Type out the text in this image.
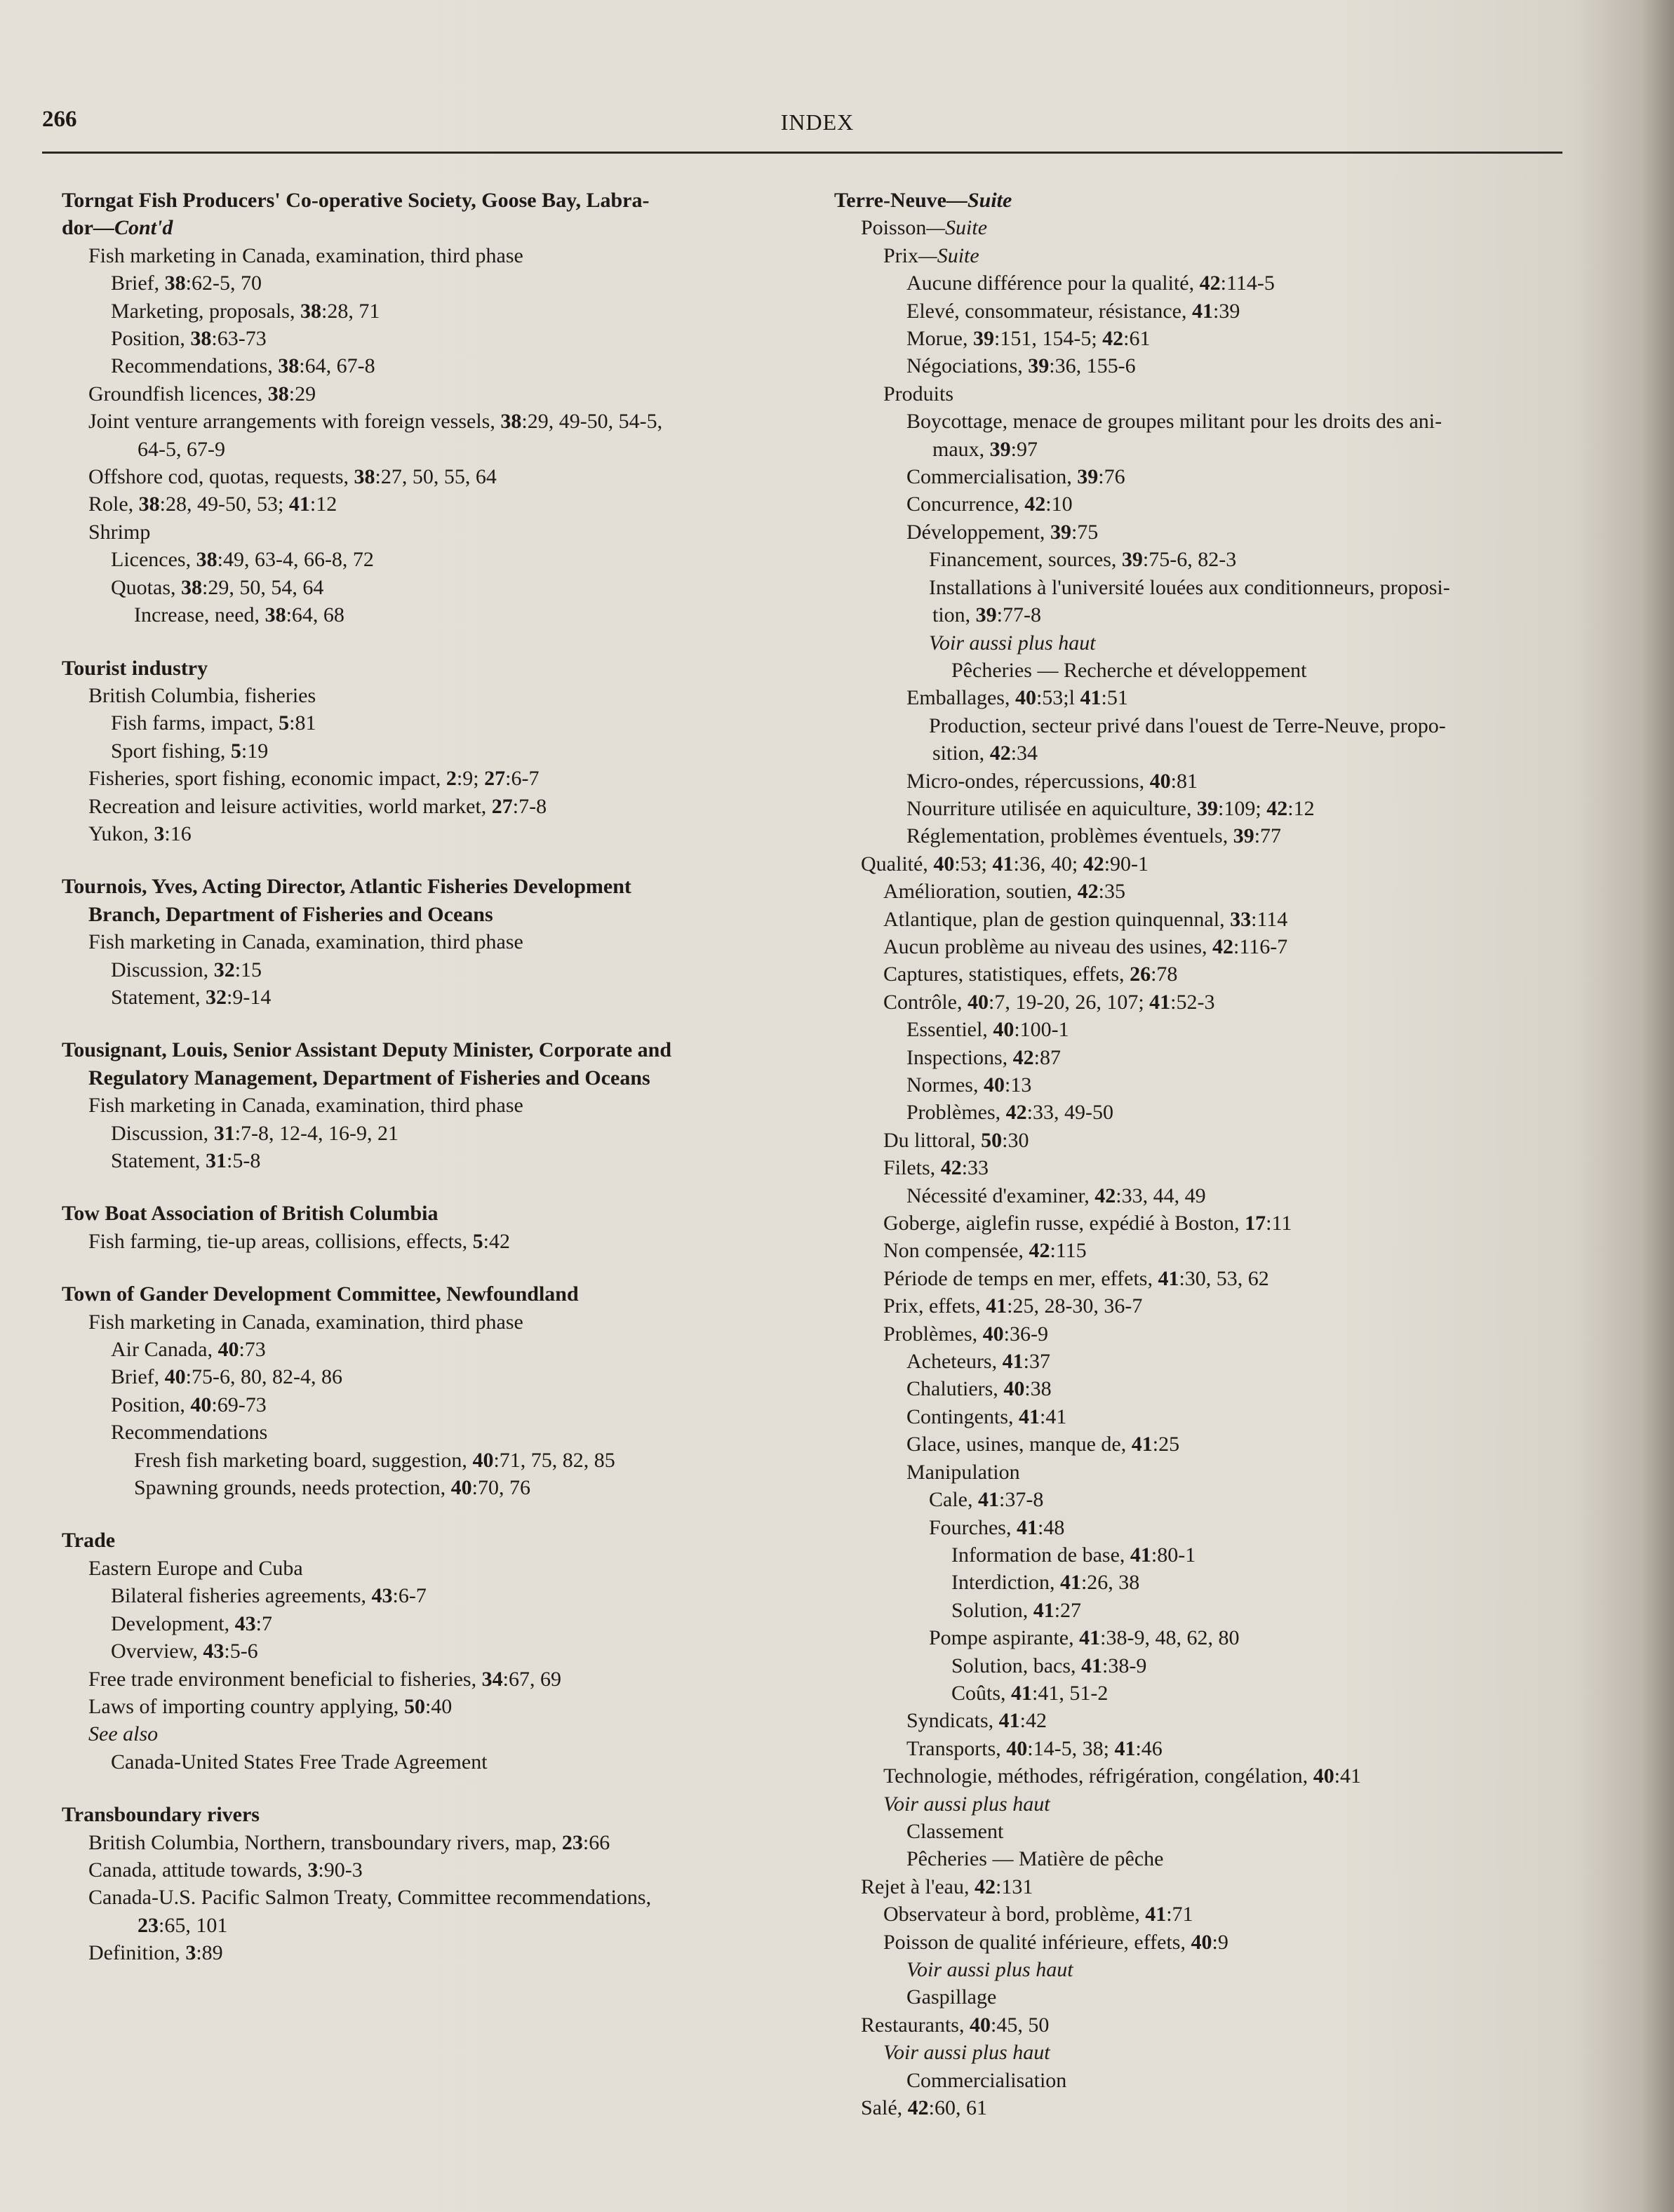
266	INDEX
Torngat Fish Producers' Co-operative Society, Goose Bay, Labra-
dor—Cont'd
Fish marketing in Canada, examination, third phase
Brief, 38:62-5, 70
Marketing, proposals, 38:28, 71
Position, 38:63-73
Recommendations, 38:64, 67-8
Groundfish licences, 38:29
Joint venture arrangements with foreign vessels, 38:29, 49-50, 54-5,
64-5, 67-9
Offshore cod, quotas, requests, 38:27, 50, 55, 64
Role, 38:28, 49-50, 53; 41:12
Shrimp
Licences, 38:49, 63-4, 66-8, 72
Quotas, 38:29, 50, 54, 64
Increase, need, 38:64, 68
Tourist industry
British Columbia, fisheries
Fish farms, impact, 5:81
Sport fishing, 5:19
Fisheries, sport fishing, economic impact, 2:9; 27:6-7
Recreation and leisure activities, world market, 27:7-8
Yukon, 3:16
Tournois, Yves, Acting Director, Atlantic Fisheries Development
Branch, Department of Fisheries and Oceans
Fish marketing in Canada, examination, third phase
Discussion, 32:15
Statement, 32:9-14
Tousignant, Louis, Senior Assistant Deputy Minister, Corporate and
Regulatory Management, Department of Fisheries and Oceans
Fish marketing in Canada, examination, third phase
Discussion, 31:7-8, 12-4, 16-9, 21
Statement, 31:5-8
Tow Boat Association of British Columbia
Fish farming, tie-up areas, collisions, effects, 5:42
Town of Gander Development Committee, Newfoundland
Fish marketing in Canada, examination, third phase
Air Canada, 40:73
Brief, 40:75-6, 80, 82-4, 86
Position, 40:69-73
Recommendations
Fresh fish marketing board, suggestion, 40:71, 75, 82, 85
Spawning grounds, needs protection, 40:70, 76
Trade
Eastern Europe and Cuba
Bilateral fisheries agreements, 43:6-7
Development, 43:7
Overview, 43:5-6
Free trade environment beneficial to fisheries, 34:67, 69
Laws of importing country applying, 50:40
See also
Canada-United States Free Trade Agreement
Transboundary rivers
British Columbia, Northern, transboundary rivers, map, 23:66
Canada, attitude towards, 3:90-3
Canada-U.S. Pacific Salmon Treaty, Committee recommendations,
23:65, 101
Definition, 3:89
Terre-Neuve—Suite
Poisson—Suite
Prix—Suite
Aucune différence pour la qualité, 42:114-5
Elevé, consommateur, résistance, 41:39
Morue, 39:151, 154-5; 42:61
Négociations, 39:36, 155-6
Produits
Boycottage, menace de groupes militant pour les droits des ani-
maux, 39:97
Commercialisation, 39:76
Concurrence, 42:10
Développement, 39:75
Financement, sources, 39:75-6, 82-3
Installations à l'université louées aux conditionneurs, proposi-
tion, 39:77-8
Voir aussi plus haut
Pêcheries — Recherche et développement
Emballages, 40:53;l 41:51
Production, secteur privé dans l'ouest de Terre-Neuve, propo-
sition, 42:34
Micro-ondes, répercussions, 40:81
Nourriture utilisée en aquiculture, 39:109; 42:12
Réglementation, problèmes éventuels, 39:77
Qualité, 40:53; 41:36, 40; 42:90-1
Amélioration, soutien, 42:35
Atlantique, plan de gestion quinquennal, 33:114
Aucun problème au niveau des usines, 42:116-7
Captures, statistiques, effets, 26:78
Contrôle, 40:7, 19-20, 26, 107; 41:52-3
Essentiel, 40:100-1
Inspections, 42:87
Normes, 40:13
Problèmes, 42:33, 49-50
Du littoral, 50:30
Filets, 42:33
Nécessité d'examiner, 42:33, 44, 49
Goberge, aiglefin russe, expédié à Boston, 17:11
Non compensée, 42:115
Période de temps en mer, effets, 41:30, 53, 62
Prix, effets, 41:25, 28-30, 36-7
Problèmes, 40:36-9
Acheteurs, 41:37
Chalutiers, 40:38
Contingents, 41:41
Glace, usines, manque de, 41:25
Manipulation
Cale, 41:37-8
Fourches, 41:48
Information de base, 41:80-1
Interdiction, 41:26, 38
Solution, 41:27
Pompe aspirante, 41:38-9, 48, 62, 80
Solution, bacs, 41:38-9
Coûts, 41:41, 51-2
Syndicats, 41:42
Transports, 40:14-5, 38; 41:46
Technologie, méthodes, réfrigération, congélation, 40:41
Voir aussi plus haut
Classement
Pêcheries — Matière de pêche
Rejet à l'eau, 42:131
Observateur à bord, problème, 41:71
Poisson de qualité inférieure, effets, 40:9
Voir aussi plus haut
Gaspillage
Restaurants, 40:45, 50
Voir aussi plus haut
Commercialisation
Salé, 42:60, 61
